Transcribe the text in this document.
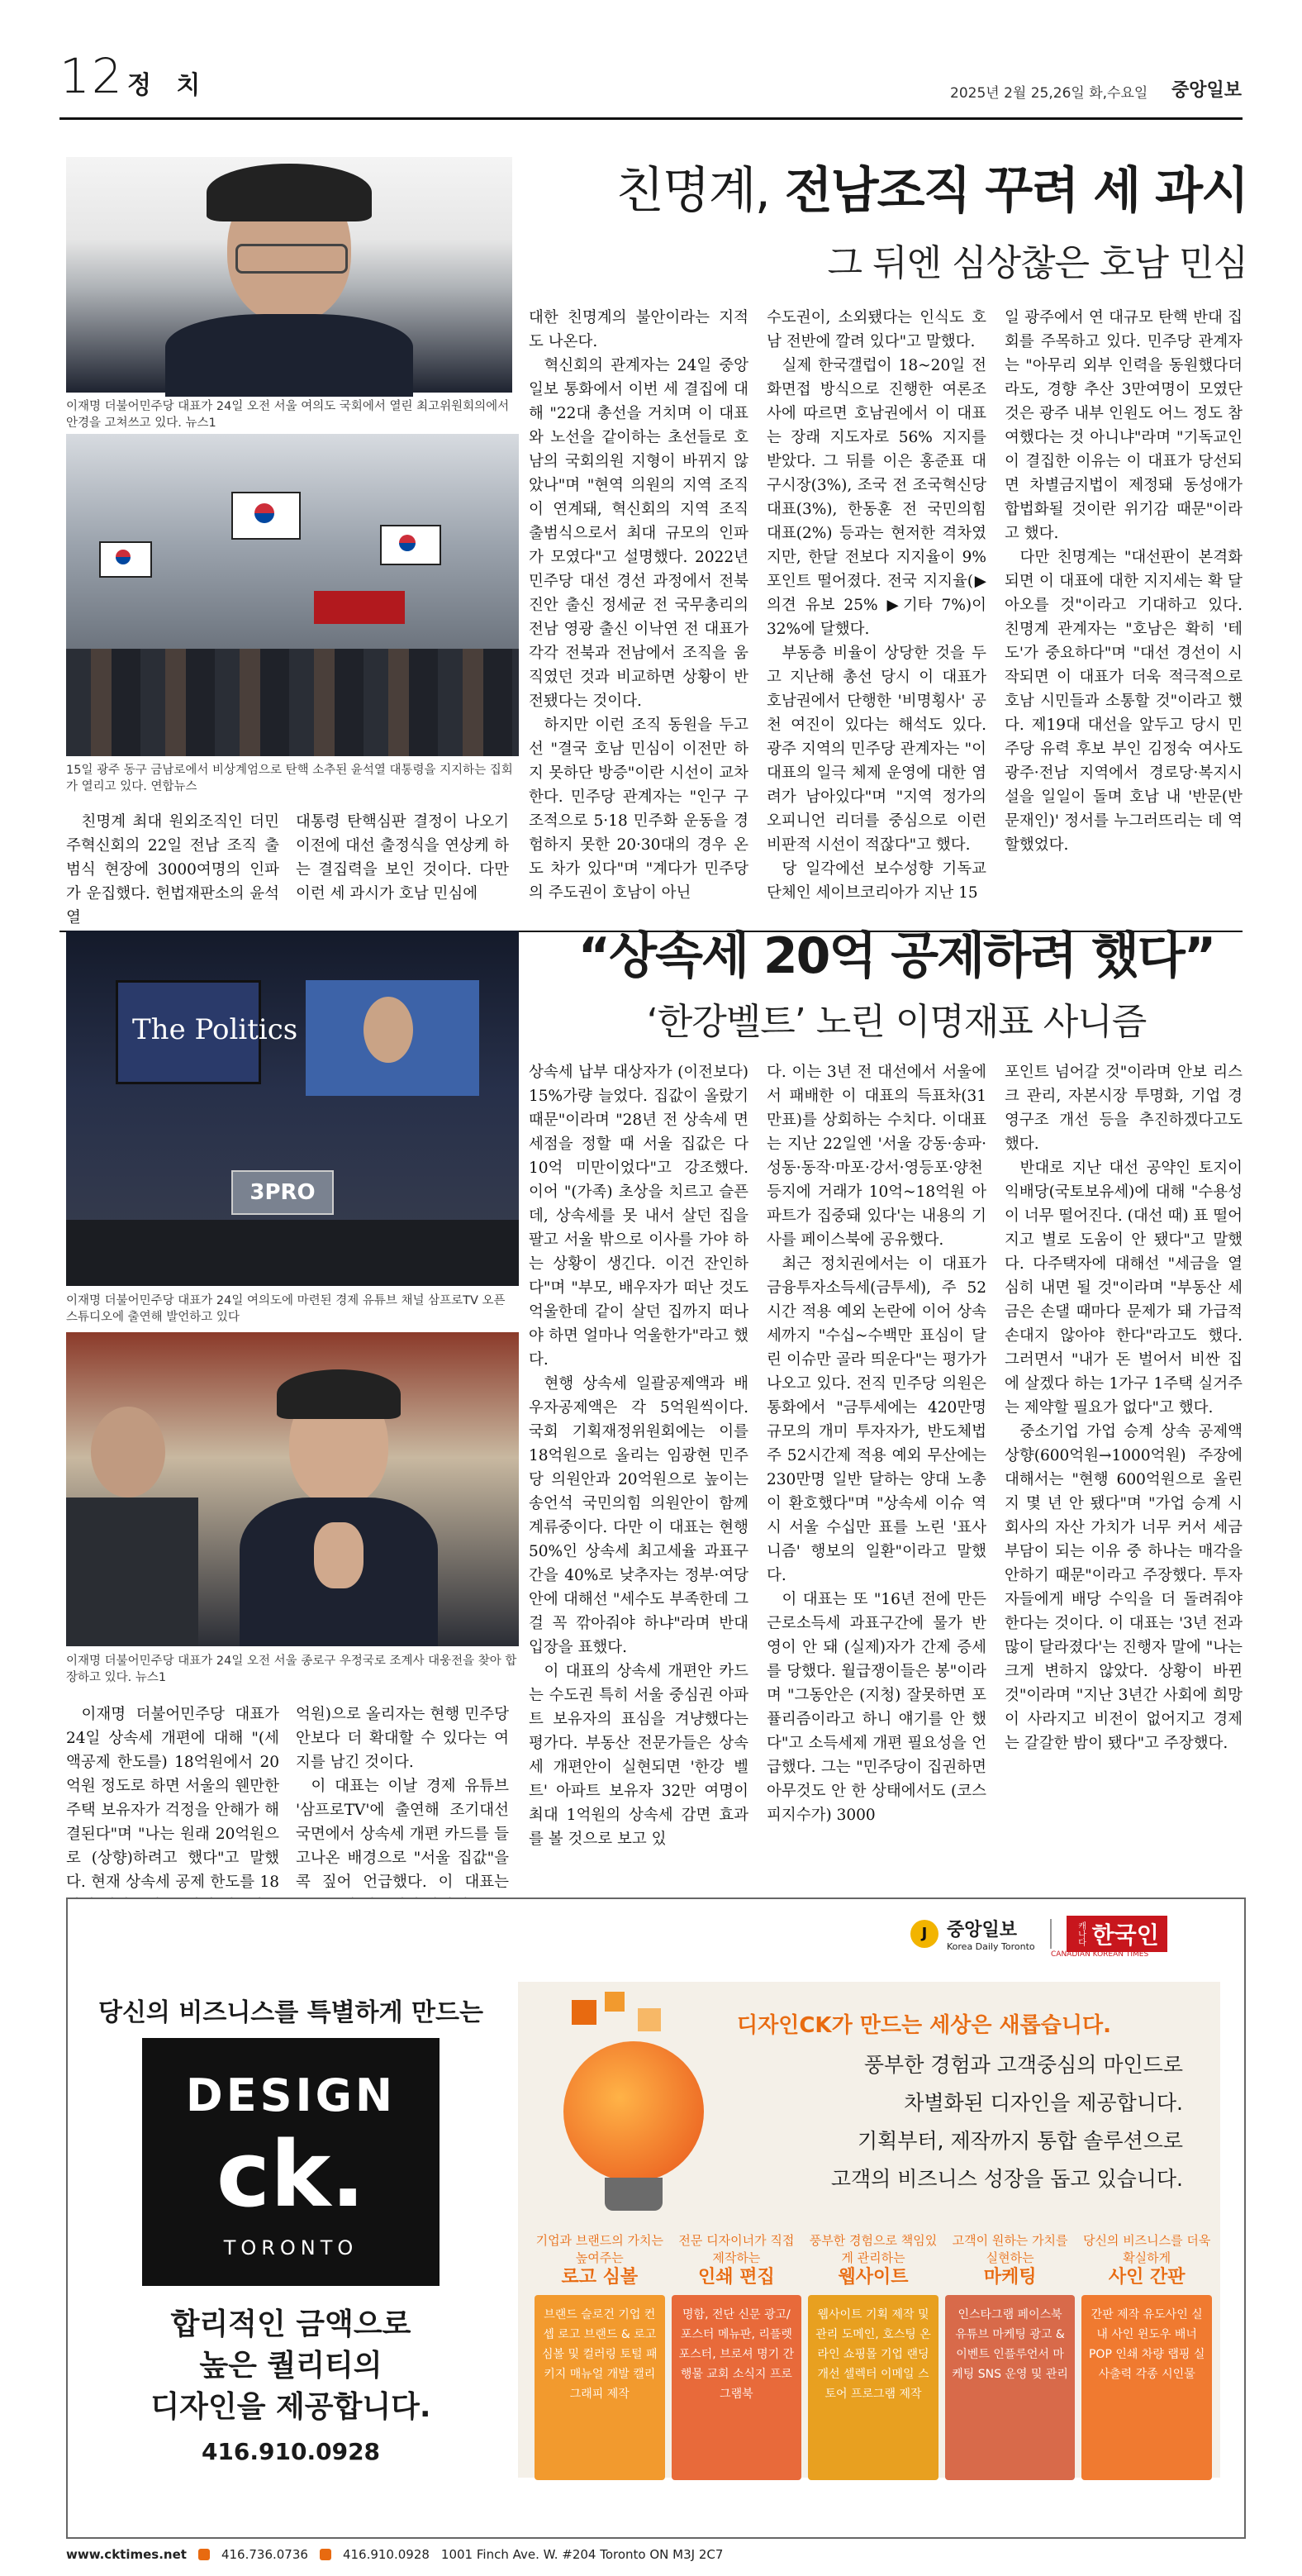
12 정 치	2025년 2월 25,26일 화,수요일 중앙일보
이재명 더불어민주당 대표가 24일 오전 서울 여의도 국회에서 열린 최고위원회의에서 안경을 고쳐쓰고 있다. 뉴스1
15일 광주 동구 금남로에서 비상계엄으로 탄핵 소추된 윤석열 대통령을 지지하는 집회가 열리고 있다. 연합뉴스
친명계, 전남조직 꾸려 세 과시
그 뒤엔 심상찮은 호남 민심

친명계 최대 원외조직인 더민주혁신회의 22일 전남 조직 출범식 현장에 3000여명의 인파가 운집했다. 헌법재판소의 윤석열

대통령 탄핵심판 결정이 나오기 이전에 대선 출정식을 연상케 하는 결집력을 보인 것이다. 다만 이런 세 과시가 호남 민심에

대한 친명계의 불안이라는 지적도 나온다.

혁신회의 관계자는 24일 중앙일보 통화에서 이번 세 결집에 대해 "22대 총선을 거치며 이 대표와 노선을 같이하는 초선들로 호남의 국회의원 지형이 바뀌지 않았나"며 "현역 의원의 지역 조직이 연계돼, 혁신회의 지역 조직 출범식으로서 최대 규모의 인파가 모였다"고 설명했다. 2022년 민주당 대선 경선 과정에서 전북 진안 출신 정세균 전 국무총리의 전남 영광 출신 이낙연 전 대표가 각각 전북과 전남에서 조직을 움직였던 것과 비교하면 상황이 반전됐다는 것이다.

하지만 이런 조직 동원을 두고선 "결국 호남 민심이 이전만 하지 못하단 방증"이란 시선이 교차한다. 민주당 관계자는 "인구 구조적으로 5·18 민주화 운동을 경험하지 못한 20·30대의 경우 온도 차가 있다"며 "계다가 민주당의 주도권이 호남이 아닌

수도권이, 소외됐다는 인식도 호남 전반에 깔려 있다"고 말했다.

실제 한국갤럽이 18~20일 전화면접 방식으로 진행한 여론조사에 따르면 호남권에서 이 대표는 장래 지도자로 56% 지지를 받았다. 그 뒤를 이은 홍준표 대구시장(3%), 조국 전 조국혁신당 대표(3%), 한동훈 전 국민의힘 대표(2%) 등과는 현저한 격차였지만, 한달 전보다 지지율이 9%포인트 떨어졌다. 전국 지지율(▶의견 유보 25% ▶기타 7%)이 32%에 달했다.

부동층 비율이 상당한 것을 두고 지난해 총선 당시 이 대표가 호남권에서 단행한 '비명횡사' 공천 여진이 있다는 해석도 있다. 광주 지역의 민주당 관계자는 "이 대표의 일극 체제 운영에 대한 염려가 남아있다"며 "지역 정가의 오피니언 리더를 중심으로 이런 비판적 시선이 적잖다"고 했다.

당 일각에선 보수성향 기독교 단체인 세이브코리아가 지난 15

일 광주에서 연 대규모 탄핵 반대 집회를 주목하고 있다. 민주당 관계자는 "아무리 외부 인력을 동원했다더라도, 경향 추산 3만여명이 모였단 것은 광주 내부 인원도 어느 정도 참여했다는 것 아니냐"라며 "기독교인이 결집한 이유는 이 대표가 당선되면 차별금지법이 제정돼 동성애가 합법화될 것이란 위기감 때문"이라고 했다.

다만 친명계는 "대선판이 본격화되면 이 대표에 대한 지지세는 확 달아오를 것"이라고 기대하고 있다. 친명계 관계자는 "호남은 확히 '테도'가 중요하다"며 "대선 경선이 시작되면 이 대표가 더욱 적극적으로 호남 시민들과 소통할 것"이라고 했다. 제19대 대선을 앞두고 당시 민주당 유력 후보 부인 김정숙 여사도 광주·전남 지역에서 경로당·복지시설을 일일이 돌며 호남 내 '반문(반문재인)' 정서를 누그러뜨리는 데 역할했었다.

The Politics
3PRO
이재명 더불어민주당 대표가 24일 여의도에 마련된 경제 유튜브 채널 삼프로TV 오픈 스튜디오에 출연해 발언하고 있다
이재명 더불어민주당 대표가 24일 오전 서울 종로구 우정국로 조계사 대웅전을 찾아 합장하고 있다. 뉴스1
“상속세 20억 공제하려 했다”
‘한강벨트’ 노린 이명재표 사니즘

이재명 더불어민주당 대표가 24일 상속세 개편에 대해 "(세액공제 한도를) 18억원에서 20억원 정도로 하면 서울의 웬만한 주택 보유자가 걱정을 안해가 해결된다"며 "나는 원래 20억원으로 (상향)하려고 했다"고 말했다. 현재 상속세 공제 한도를 18

억원)으로 올리자는 현행 민주당안보다 더 확대할 수 있다는 여지를 남긴 것이다.

이 대표는 이날 경제 유튜브 '삼프로TV'에 출연해 조기대선 국면에서 상속세 개편 카드를 들고나온 배경으로 "서울 집값"을 콕 짚어 언급했다. 이 대표는

상속세 납부 대상자가 (이전보다) 15%가량 늘었다. 집값이 올랐기 때문"이라며 "28년 전 상속세 면세점을 정할 때 서울 집값은 다 10억 미만이었다"고 강조했다. 이어 "(가족) 초상을 치르고 슬픈데, 상속세를 못 내서 살던 집을 팔고 서울 밖으로 이사를 가야 하는 상황이 생긴다. 이건 잔인하다"며 "부모, 배우자가 떠난 것도 억울한데 같이 살던 집까지 떠나야 하면 얼마나 억울한가"라고 했다.

현행 상속세 일괄공제액과 배우자공제액은 각 5억원씩이다. 국회 기획재정위원회에는 이를 18억원으로 올리는 임광현 민주당 의원안과 20억원으로 높이는 송언석 국민의힘 의원안이 함께 계류중이다. 다만 이 대표는 현행 50%인 상속세 최고세율 과표구간을 40%로 낮추자는 정부·여당안에 대해선 "세수도 부족한데 그걸 꼭 깎아줘야 하냐"라며 반대 입장을 표했다.

이 대표의 상속세 개편안 카드는 수도권 특히 서울 중심권 아파트 보유자의 표심을 겨냥했다는 평가다. 부동산 전문가들은 상속세 개편안이 실현되면 '한강 벨트' 아파트 보유자 32만 여명이 최대 1억원의 상속세 감면 효과를 볼 것으로 보고 있

다. 이는 3년 전 대선에서 서울에서 패배한 이 대표의 득표차(31만표)를 상회하는 수치다. 이대표는 지난 22일엔 '서울 강동·송파·성동·동작·마포·강서·영등포·양천 등지에 거래가 10억~18억원 아파트가 집중돼 있다'는 내용의 기사를 페이스북에 공유했다.

최근 정치권에서는 이 대표가 금융투자소득세(금투세), 주 52시간 적용 예외 논란에 이어 상속세까지 "수십~수백만 표심이 달린 이슈만 골라 띄운다"는 평가가 나오고 있다. 전직 민주당 의원은 통화에서 "금투세에는 420만명 규모의 개미 투자자가, 반도체법 주 52시간제 적용 예외 무산에는 230만명 일반 달하는 양대 노총이 환호했다"며 "상속세 이슈 역시 서울 수십만 표를 노린 '표사니즘' 행보의 일환"이라고 말했다.

이 대표는 또 "16년 전에 만든 근로소득세 과표구간에 물가 반영이 안 돼 (실제)자가 간제 증세를 당했다. 월급쟁이들은 봉"이라며 "그동안은 (지청) 잘못하면 포퓰리즘이라고 하니 얘기를 안 했다"고 소득세제 개편 필요성을 언급했다. 그는 "민주당이 집권하면 아무것도 안 한 상태에서도 (코스피지수가) 3000

포인트 넘어갈 것"이라며 안보 리스크 관리, 자본시장 투명화, 기업 경영구조 개선 등을 추진하겠다고도 했다.

반대로 지난 대선 공약인 토지이익배당(국토보유세)에 대해 "수용성이 너무 떨어진다. (대선 때) 표 떨어지고 별로 도움이 안 됐다"고 말했다. 다주택자에 대해선 "세금을 열심히 내면 될 것"이라며 "부동산 세금은 손댈 때마다 문제가 돼 가급적 손대지 않아야 한다"라고도 했다. 그러면서 "내가 돈 벌어서 비싼 집에 살겠다 하는 1가구 1주택 실거주는 제약할 필요가 없다"고 했다.

중소기업 가업 승계 상속 공제액 상향(600억원→1000억원) 주장에 대해서는 "현행 600억원으로 올린 지 몇 년 안 됐다"며 "가업 승계 시 회사의 자산 가치가 너무 커서 세금 부담이 되는 이유 중 하나는 매각을 안하기 때문"이라고 주장했다. 투자자들에게 배당 수익을 더 돌려줘야 한다는 것이다. 이 대표는 '3년 전과 많이 달라졌다'는 진행자 말에 "나는 크게 변하지 않았다. 상황이 바뀐 것"이라며 "지난 3년간 사회에 희망이 사라지고 비전이 없어지고 경제는 갈갈한 밤이 됐다"고 주장했다.

J	중앙일보
Korea Daily Toronto
캐나다 한국인
CANADIAN KOREAN TIMES
당신의 비즈니스를 특별하게 만드는
DESIGN
ck.
TORONTO
합리적인 금액으로
높은 퀄리티의
디자인을 제공합니다.
416.910.0928
디자인CK가 만드는 세상은 새롭습니다.
풍부한 경험과 고객중심의 마인드로
차별화된 디자인을 제공합니다.
기획부터, 제작까지 통합 솔루션으로
고객의 비즈니스 성장을 돕고 있습니다.
기업과 브랜드의 가치는 높여주는
로고 심볼
브랜드 슬로건 기업 컨셉 로고 브랜드 & 로고 심볼 및 컬러링 토털 패키지 매뉴얼 개발 캘리그래피 제작
전문 디자이너가 직접 제작하는
인쇄 편집
명함, 전단 신문 광고/포스터 메뉴판, 리플렛 포스터, 브로셔 명기 간행물 교회 소식지 프로그램북
풍부한 경험으로 책임있게 관리하는
웹사이트
웹사이트 기획 제작 및 관리 도메인, 호스팅 온라인 쇼핑몰 기업 랜딩 개선 셀렉터 이메일 스토어 프로그램 제작
고객이 원하는 가치를 실현하는
마케팅
인스타그램 페이스북 유튜브 마케팅 광고 & 이벤트 인플루언서 마케팅 SNS 운영 및 관리
당신의 비즈니스를 더욱 확실하게
사인 간판
간판 제작 유도사인 실내 사인 윈도우 배너 POP 인쇄 차량 랩핑 실사출력 각종 시인물
www.cktimes.net	416.736.0736	416.910.0928 1001 Finch Ave. W. #204 Toronto ON M3J 2C7
